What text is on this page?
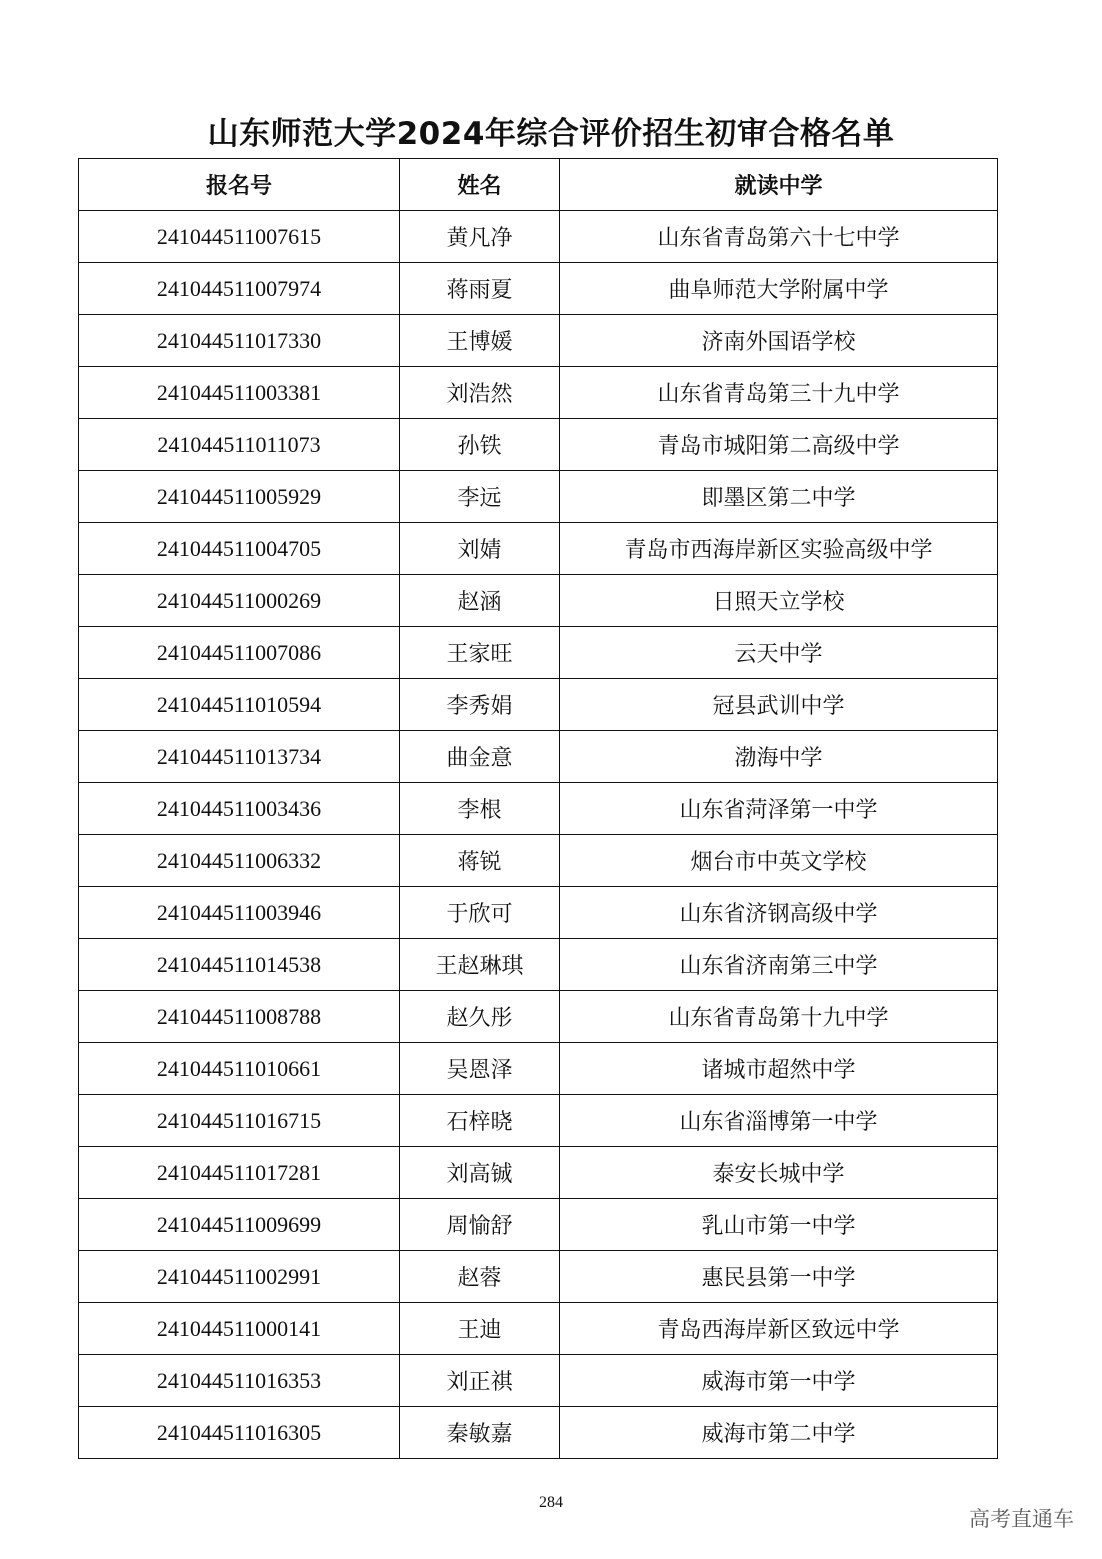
山东师范大学2024年综合评价招生初审合格名单
报名号	姓名	就读中学
241044511007615	黄凡净	山东省青岛第六十七中学
241044511007974	蒋雨夏	曲阜师范大学附属中学
241044511017330	王博媛	济南外国语学校
241044511003381	刘浩然	山东省青岛第三十九中学
241044511011073	孙铁	青岛市城阳第二高级中学
241044511005929	李远	即墨区第二中学
241044511004705	刘婧	青岛市西海岸新区实验高级中学
241044511000269	赵涵	日照天立学校
241044511007086	王家旺	云天中学
241044511010594	李秀娟	冠县武训中学
241044511013734	曲金意	渤海中学
241044511003436	李根	山东省菏泽第一中学
241044511006332	蒋锐	烟台市中英文学校
241044511003946	于欣可	山东省济钢高级中学
241044511014538	王赵琳琪	山东省济南第三中学
241044511008788	赵久彤	山东省青岛第十九中学
241044511010661	吴恩泽	诸城市超然中学
241044511016715	石梓晓	山东省淄博第一中学
241044511017281	刘高铖	泰安长城中学
241044511009699	周愉舒	乳山市第一中学
241044511002991	赵蓉	惠民县第一中学
241044511000141	王迪	青岛西海岸新区致远中学
241044511016353	刘正祺	威海市第一中学
241044511016305	秦敏嘉	威海市第二中学
284
高考直通车
